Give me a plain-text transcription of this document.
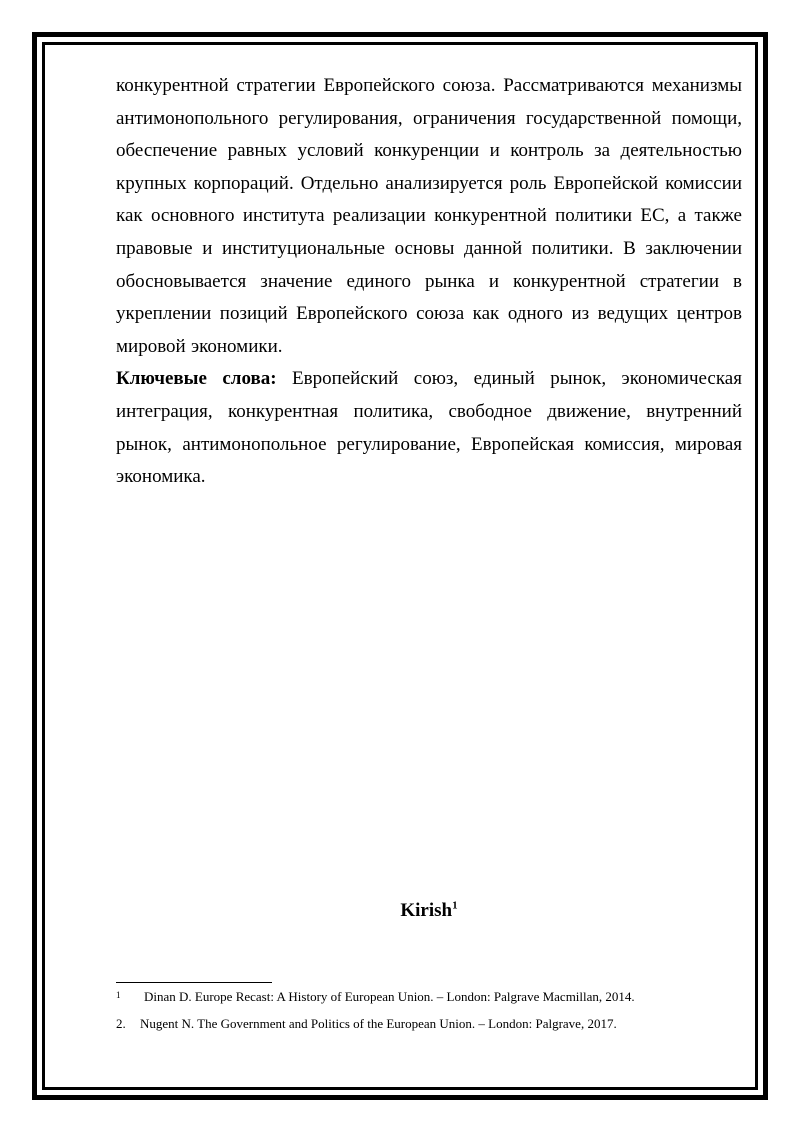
конкурентной стратегии Европейского союза. Рассматриваются механизмы антимонопольного регулирования, ограничения государственной помощи, обеспечение равных условий конкуренции и контроль за деятельностью крупных корпораций. Отдельно анализируется роль Европейской комиссии как основного института реализации конкурентной политики ЕС, а также правовые и институциональные основы данной политики. В заключении обосновывается значение единого рынка и конкурентной стратегии в укреплении позиций Европейского союза как одного из ведущих центров мировой экономики.

Ключевые слова: Европейский союз, единый рынок, экономическая интеграция, конкурентная политика, свободное движение, внутренний рынок, антимонопольное регулирование, Европейская комиссия, мировая экономика.

Kirish$^1$
1 Dinan D. Europe Recast: A History of European Union. – London: Palgrave Macmillan, 2014.
2. Nugent N. The Government and Politics of the European Union. – London: Palgrave, 2017.
